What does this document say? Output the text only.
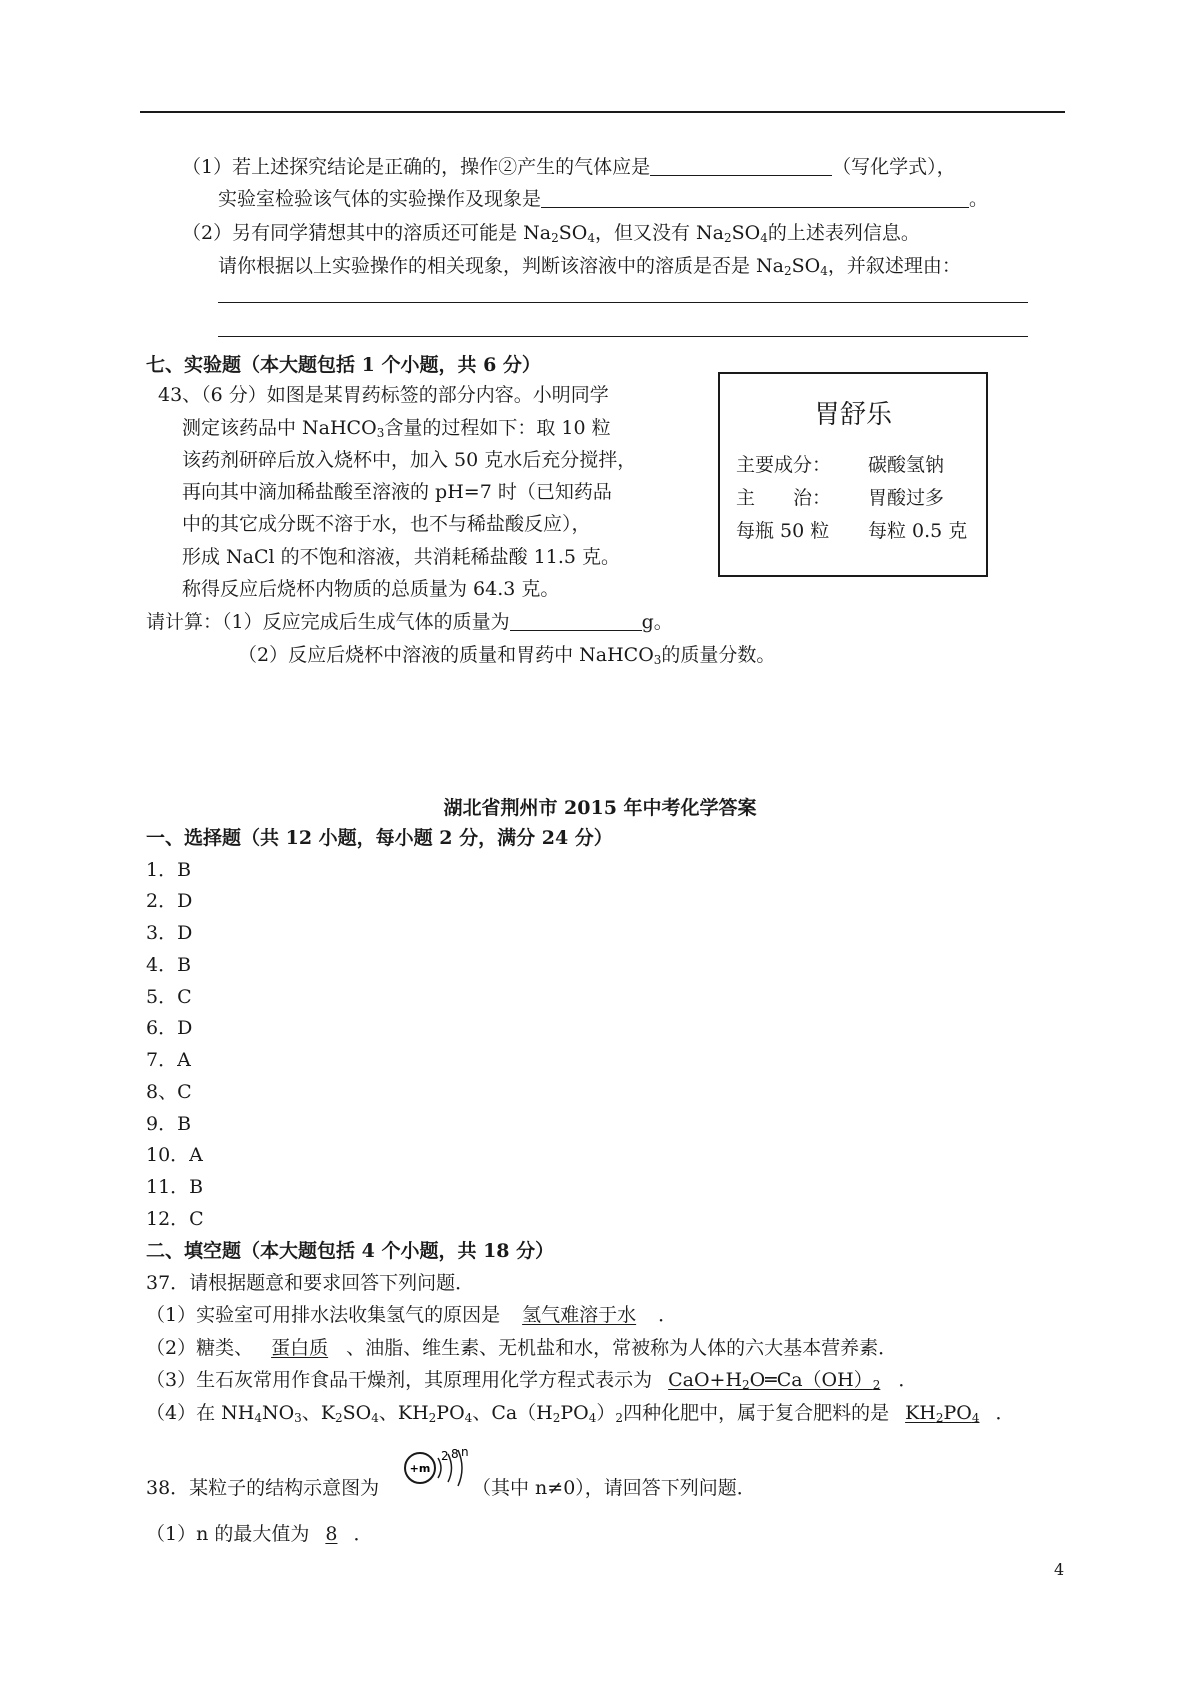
（1）若上述探究结论是正确的，操作②产生的气体应是	（写化学式），
实验室检验该气体的实验操作及现象是	。
（2）另有同学猜想其中的溶质还可能是 $Na_2SO_4$，但又没有 $Na_2SO_4$的上述表列信息。
请你根据以上实验操作的相关现象，判断该溶液中的溶质是否是 $Na_2SO_4$，并叙述理由：
七、实验题（本大题包括 1 个小题，共 6 分）
43、（6 分）如图是某胃药标签的部分内容。小明同学
测定该药品中 NaHCO$_3$含量的过程如下：取 10 粒
该药剂研碎后放入烧杯中，加入 50 克水后充分搅拌，
再向其中滴加稀盐酸至溶液的 pH=7 时（已知药品
中的其它成分既不溶于水，也不与稀盐酸反应），
形成 NaCl 的不饱和溶液，共消耗稀盐酸 11.5 克。
称得反应后烧杯内物质的总质量为 64.3 克。
请计算：（1）反应完成后生成气体的质量为	g。
（2）反应后烧杯中溶液的质量和胃药中 NaHCO$_3$的质量分数。
胃舒乐
主要成分： 碳酸氢钠
主　　治： 胃酸过多
每瓶 50 粒 每粒 0.5 克
湖北省荆州市 2015 年中考化学答案
一、选择题（共 12 小题，每小题 2 分，满分 24 分）
1．B
2．D
3．D
4．B
5．C
6．D
7．A
8、C
9．B
10．A
11．B
12．C
二、填空题（本大题包括 4 个小题，共 18 分）
37．请根据题意和要求回答下列问题．
（1）实验室可用排水法收集氢气的原因是 氢气难溶于水 ．
（2）糖类、 蛋白质 、油脂、维生素、无机盐和水，常被称为人体的六大基本营养素．
（3）生石灰常用作食品干燥剂，其原理用化学方程式表示为 $CaO+H_2O═Ca(OH)_2$ ．
（4）在 $NH_4NO_3$、$K_2SO_4$、$KH_2PO_4$、$Ca(H_2PO_4)_2$四种化肥中，属于复合肥料的是 $KH_2PO_4$ ．
38．某粒子的结构示意图为
+m
2 8 n
（其中 n≠0），请回答下列问题．
（1）n 的最大值为 8 ．
4
